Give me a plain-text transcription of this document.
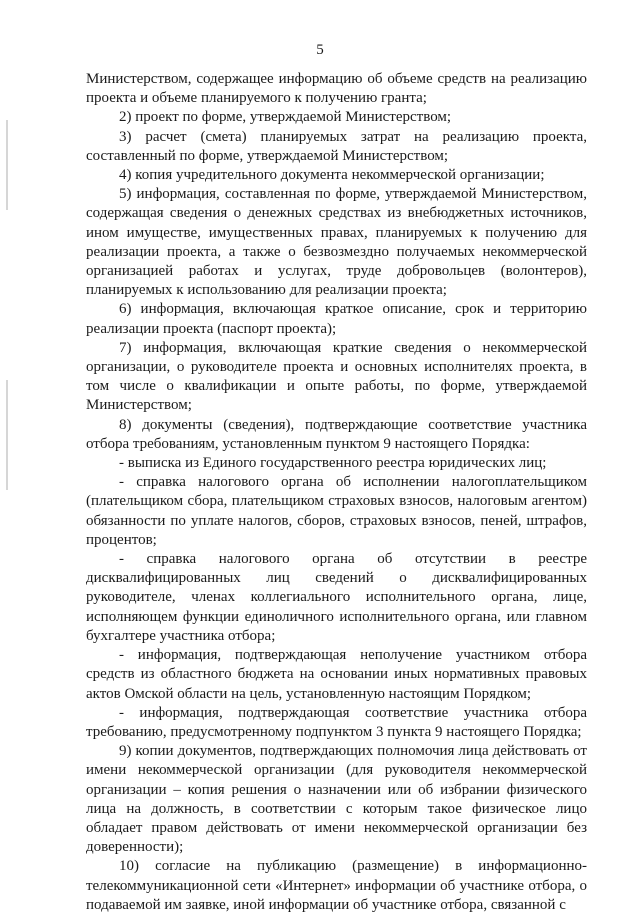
5

Министерством, содержащее информацию об объеме средств на реализацию проекта и объеме планируемого к получению гранта;

2) проект по форме, утверждаемой Министерством;

3) расчет (смета) планируемых затрат на реализацию проекта, составленный по форме, утверждаемой Министерством;

4) копия учредительного документа некоммерческой организации;

5) информация, составленная по форме, утверждаемой Министерством, содержащая сведения о денежных средствах из внебюджетных источников, ином имуществе, имущественных правах, планируемых к получению для реализации проекта, а также о безвозмездно получаемых некоммерческой организацией работах и услугах, труде добровольцев (волонтеров), планируемых к использованию для реализации проекта;

6) информация, включающая краткое описание, срок и территорию реализации проекта (паспорт проекта);

7) информация, включающая краткие сведения о некоммерческой организации, о руководителе проекта и основных исполнителях проекта, в том числе о квалификации и опыте работы, по форме, утверждаемой Министерством;

8) документы (сведения), подтверждающие соответствие участника отбора требованиям, установленным пунктом 9 настоящего Порядка:

- выписка из Единого государственного реестра юридических лиц;

- справка налогового органа об исполнении налогоплательщиком (плательщиком сбора, плательщиком страховых взносов, налоговым агентом) обязанности по уплате налогов, сборов, страховых взносов, пеней, штрафов, процентов;

- справка налогового органа об отсутствии в реестре дисквалифицированных лиц сведений о дисквалифицированных руководителе, членах коллегиального исполнительного органа, лице, исполняющем функции единоличного исполнительного органа, или главном бухгалтере участника отбора;

- информация, подтверждающая неполучение участником отбора средств из областного бюджета на основании иных нормативных правовых актов Омской области на цель, установленную настоящим Порядком;

- информация, подтверждающая соответствие участника отбора требованию, предусмотренному подпунктом 3 пункта 9 настоящего Порядка;

9) копии документов, подтверждающих полномочия лица действовать от имени некоммерческой организации (для руководителя некоммерческой организации – копия решения о назначении или об избрании физического лица на должность, в соответствии с которым такое физическое лицо обладает правом действовать от имени некоммерческой организации без доверенности);

10) согласие на публикацию (размещение) в информационно-телекоммуникационной сети «Интернет» информации об участнике отбора, о подаваемой им заявке, иной информации об участнике отбора, связанной с
